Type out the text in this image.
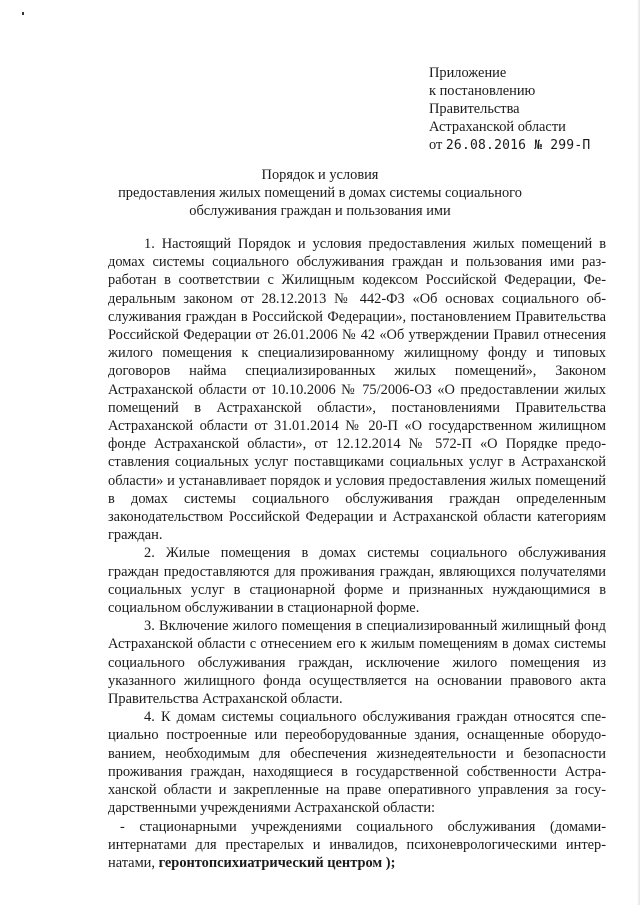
Приложение
к постановлению
Правительства
Астраханской области
от 26.08.2016 № 299-П
Порядок и условия
предоставления жилых помещений в домах системы социального
обслуживания граждан и пользования ими

1. Настоящий Порядок и условия предоставления жилых помещений в домах системы социального обслуживания граждан и пользования ими разработан в соответствии с Жилищным кодексом Российской Федерации, Федеральным законом от 28.12.2013 № 442-ФЗ «Об основах социального обслуживания граждан в Российской Федерации», постановлением Правительства Российской Федерации от 26.01.2006 № 42 «Об утверждении Правил отнесения жилого помещения к специализированному жилищному фонду и типовых договоров найма специализированных жилых помещений», Законом Астраханской области от 10.10.2006 № 75/2006-ОЗ «О предоставлении жилых помещений в Астраханской области», постановлениями Правительства Астраханской области от 31.01.2014 № 20-П «О государственном жилищном фонде Астраханской области», от 12.12.2014 № 572-П «О Порядке предоставления социальных услуг поставщиками социальных услуг в Астраханской области» и устанавливает порядок и условия предоставления жилых помещений в домах системы социального обслуживания граждан определенным законодательством Российской Федерации и Астраханской области категориям граждан.

2. Жилые помещения в домах системы социального обслуживания граждан предоставляются для проживания граждан, являющихся получателями социальных услуг в стационарной форме и признанных нуждающимися в социальном обслуживании в стационарной форме.

3. Включение жилого помещения в специализированный жилищный фонд Астраханской области с отнесением его к жилым помещениям в домах системы социального обслуживания граждан, исключение жилого помещения из указанного жилищного фонда осуществляется на основании правового акта Правительства Астраханской области.

4. К домам системы социального обслуживания граждан относятся специально построенные или переоборудованные здания, оснащенные оборудованием, необходимым для обеспечения жизнедеятельности и безопасности проживания граждан, находящиеся в государственной собственности Астраханской области и закрепленные на праве оперативного управления за государственными учреждениями Астраханской области:

- стационарными учреждениями социального обслуживания (домами-интернатами для престарелых и инвалидов, психоневрологическими интернатами, геронтопсихиатрический центром );
